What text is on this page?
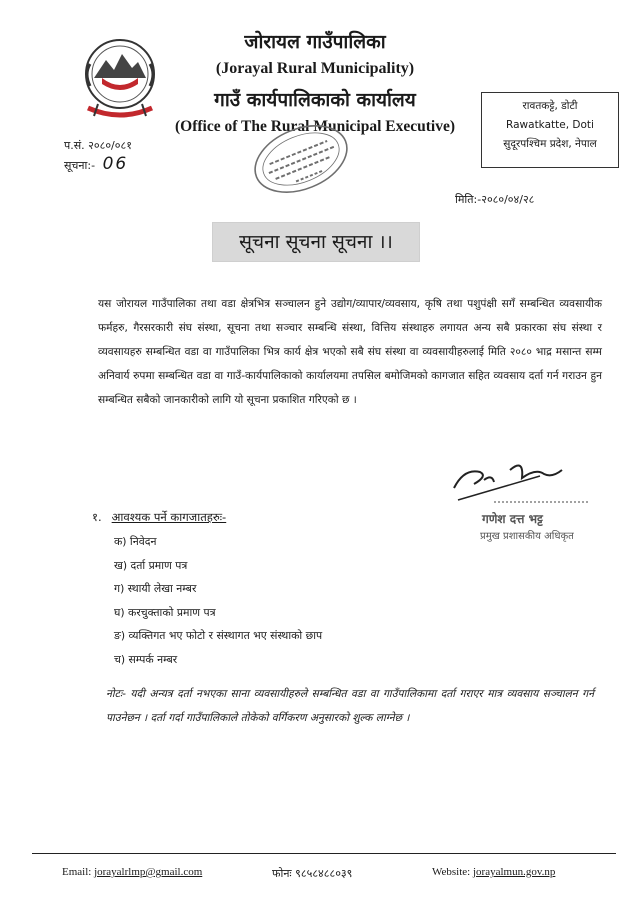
जोरायल गाउँपालिका
(Jorayal Rural Municipality)
गाउँ कार्यपालिकाको कार्यालय
(Office of The Rural Municipal Executive)
रावतकट्टे, डोटी
Rawatkatte, Doti
सुदूरपश्चिम प्रदेश, नेपाल
प.सं. २०८०/०८१
सूचना:- 06
मिति:-२०८०/०४/२८
सूचना सूचना सूचना ।।
यस जोरायल गाउँपालिका तथा वडा क्षेत्रभित्र सञ्चालन हुने उद्योग/व्यापार/व्यवसाय, कृषि तथा पशुपंक्षी सगँ सम्बन्धित व्यवसायीक फर्महरु, गैरसरकारी संघ संस्था, सूचना तथा सञ्चार सम्बन्धि संस्था, वित्तिय संस्थाहरु लगायत अन्य सबै प्रकारका संघ संस्था र व्यवसायहरु सम्बन्धित वडा वा गाउँपालिका भित्र कार्य क्षेत्र भएको सबै संघ संस्था वा व्यवसायीहरुलाई मिति २०८० भाद्र मसान्त सम्म अनिवार्य रुपमा सम्बन्धित वडा वा गाउँ-कार्यपालिकाको कार्यालयमा तपसिल बमोजिमको कागजात सहित व्यवसाय दर्ता गर्न गराउन हुन सम्बन्धित सबैको जानकारीको लागि यो सूचना प्रकाशित गरिएको छ ।
गणेश दत्त भट्ट
प्रमुख प्रशासकीय अधिकृत
१. आवश्यक पर्ने कागजातहरुः-
क) निवेदन
ख) दर्ता प्रमाण पत्र
ग) स्थायी लेखा नम्बर
घ) करचुक्ताको प्रमाण पत्र
ङ) व्यक्तिगत भए फोटो र संस्थागत भए संस्थाको छाप
च) सम्पर्क नम्बर
नोटः- यदी अन्यत्र दर्ता नभएका साना व्यवसायीहरुले सम्बन्धित वडा वा गाउँपालिकामा दर्ता गराएर मात्र व्यवसाय सञ्चालन गर्न पाउनेछन । दर्ता गर्दा गाउँपालिकाले तोकेको वर्गिकरण अनुसारको शुल्क लाग्नेछ ।
Email: jorayalrlmp@gmail.com	फोनः ९८५८४८८०३९	Website: jorayalmun.gov.np
